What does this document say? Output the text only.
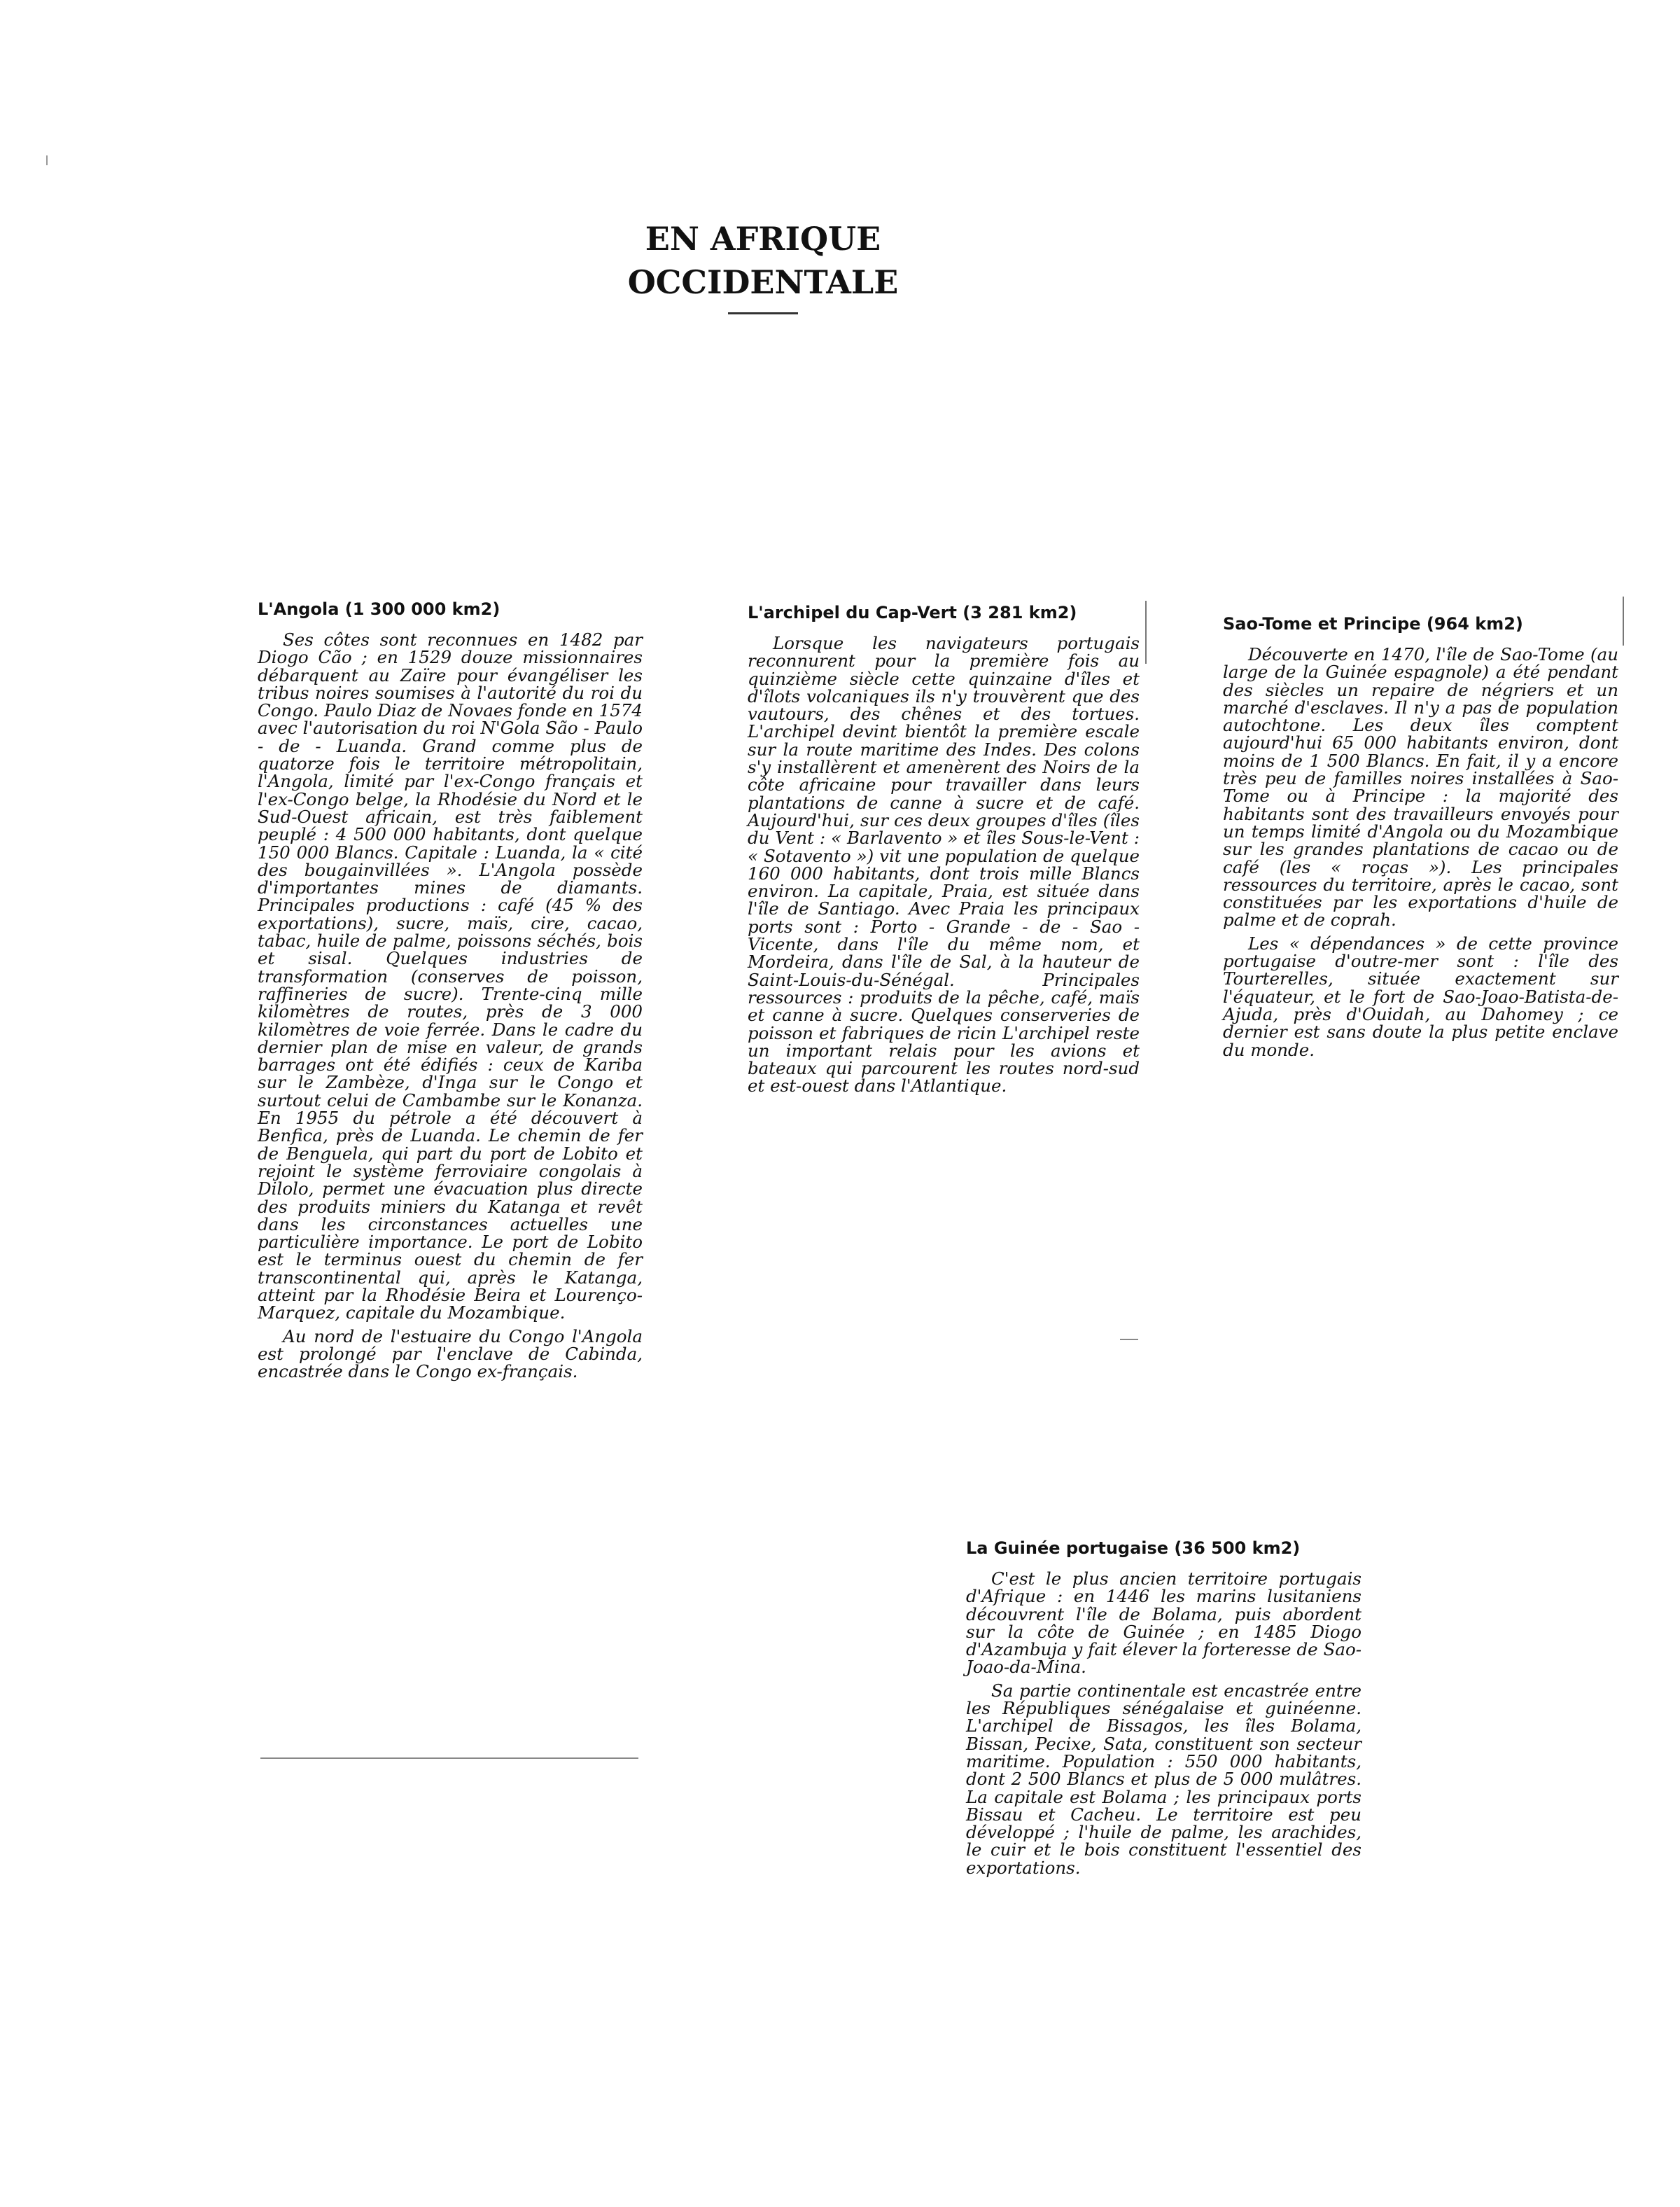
EN AFRIQUE
OCCIDENTALE
L'Angola (1 300 000 km2)

Ses côtes sont reconnues en 1482 par Diogo Cão ; en 1529 douze missionnaires débarquent au Zaïre pour évangéliser les tribus noires soumises à l'autorité du roi du Congo. Paulo Diaz de Novaes fonde en 1574 avec l'autorisation du roi N'Gola São - Paulo - de - Luanda. Grand comme plus de quatorze fois le territoire métropolitain, l'Angola, limité par l'ex-Congo français et l'ex-Congo belge, la Rhodésie du Nord et le Sud-Ouest africain, est très faiblement peuplé : 4 500 000 habitants, dont quelque 150 000 Blancs. Capitale : Luanda, la « cité des bougainvillées ». L'Angola possède d'importantes mines de diamants. Principales productions : café (45 % des exportations), sucre, maïs, cire, cacao, tabac, huile de palme, poissons séchés, bois et sisal. Quelques industries de transformation (conserves de poisson, raffineries de sucre). Trente-cinq mille kilomètres de routes, près de 3 000 kilomètres de voie ferrée. Dans le cadre du dernier plan de mise en valeur, de grands barrages ont été édifiés : ceux de Kariba sur le Zambèze, d'Inga sur le Congo et surtout celui de Cambambe sur le Konanza. En 1955 du pétrole a été découvert à Benfica, près de Luanda. Le chemin de fer de Benguela, qui part du port de Lobito et rejoint le système ferroviaire congolais à Dilolo, permet une évacuation plus directe des produits miniers du Katanga et revêt dans les circonstances actuelles une particulière importance. Le port de Lobito est le terminus ouest du chemin de fer transcontinental qui, après le Katanga, atteint par la Rhodésie Beira et Lourenço-Marquez, capitale du Mozambique.

Au nord de l'estuaire du Congo l'Angola est prolongé par l'enclave de Cabinda, encastrée dans le Congo ex-français.

L'archipel du Cap-Vert (3 281 km2)

Lorsque les navigateurs portugais reconnurent pour la première fois au quinzième siècle cette quinzaine d'îles et d'îlots volcaniques ils n'y trouvèrent que des vautours, des chênes et des tortues. L'archipel devint bientôt la première escale sur la route maritime des Indes. Des colons s'y installèrent et amenèrent des Noirs de la côte africaine pour travailler dans leurs plantations de canne à sucre et de café. Aujourd'hui, sur ces deux groupes d'îles (îles du Vent : « Barlavento » et îles Sous-le-Vent : « Sotavento ») vit une population de quelque 160 000 habitants, dont trois mille Blancs environ. La capitale, Praia, est située dans l'île de Santiago. Avec Praia les principaux ports sont : Porto - Grande - de - Sao - Vicente, dans l'île du même nom, et Mordeira, dans l'île de Sal, à la hauteur de Saint-Louis-du-Sénégal. Principales ressources : produits de la pêche, café, maïs et canne à sucre. Quelques conserveries de poisson et fabriques de ricin L'archipel reste un important relais pour les avions et bateaux qui parcourent les routes nord-sud et est-ouest dans l'Atlantique.

Sao-Tome et Principe (964 km2)

Découverte en 1470, l'île de Sao-Tome (au large de la Guinée espagnole) a été pendant des siècles un repaire de négriers et un marché d'esclaves. Il n'y a pas de population autochtone. Les deux îles comptent aujourd'hui 65 000 habitants environ, dont moins de 1 500 Blancs. En fait, il y a encore très peu de familles noires installées à Sao-Tome ou à Principe : la majorité des habitants sont des travailleurs envoyés pour un temps limité d'Angola ou du Mozambique sur les grandes plantations de cacao ou de café (les « roças »). Les principales ressources du territoire, après le cacao, sont constituées par les exportations d'huile de palme et de coprah.

Les « dépendances » de cette province portugaise d'outre-mer sont : l'île des Tourterelles, située exactement sur l'équateur, et le fort de Sao-Joao-Batista-de-Ajuda, près d'Ouidah, au Dahomey ; ce dernier est sans doute la plus petite enclave du monde.

La Guinée portugaise (36 500 km2)

C'est le plus ancien territoire portugais d'Afrique : en 1446 les marins lusitaniens découvrent l'île de Bolama, puis abordent sur la côte de Guinée ; en 1485 Diogo d'Azambuja y fait élever la forteresse de Sao-Joao-da-Mina.

Sa partie continentale est encastrée entre les Républiques sénégalaise et guinéenne. L'archipel de Bissagos, les îles Bolama, Bissan, Pecixe, Sata, constituent son secteur maritime. Population : 550 000 habitants, dont 2 500 Blancs et plus de 5 000 mulâtres. La capitale est Bolama ; les principaux ports Bissau et Cacheu. Le territoire est peu développé ; l'huile de palme, les arachides, le cuir et le bois constituent l'essentiel des exportations.
